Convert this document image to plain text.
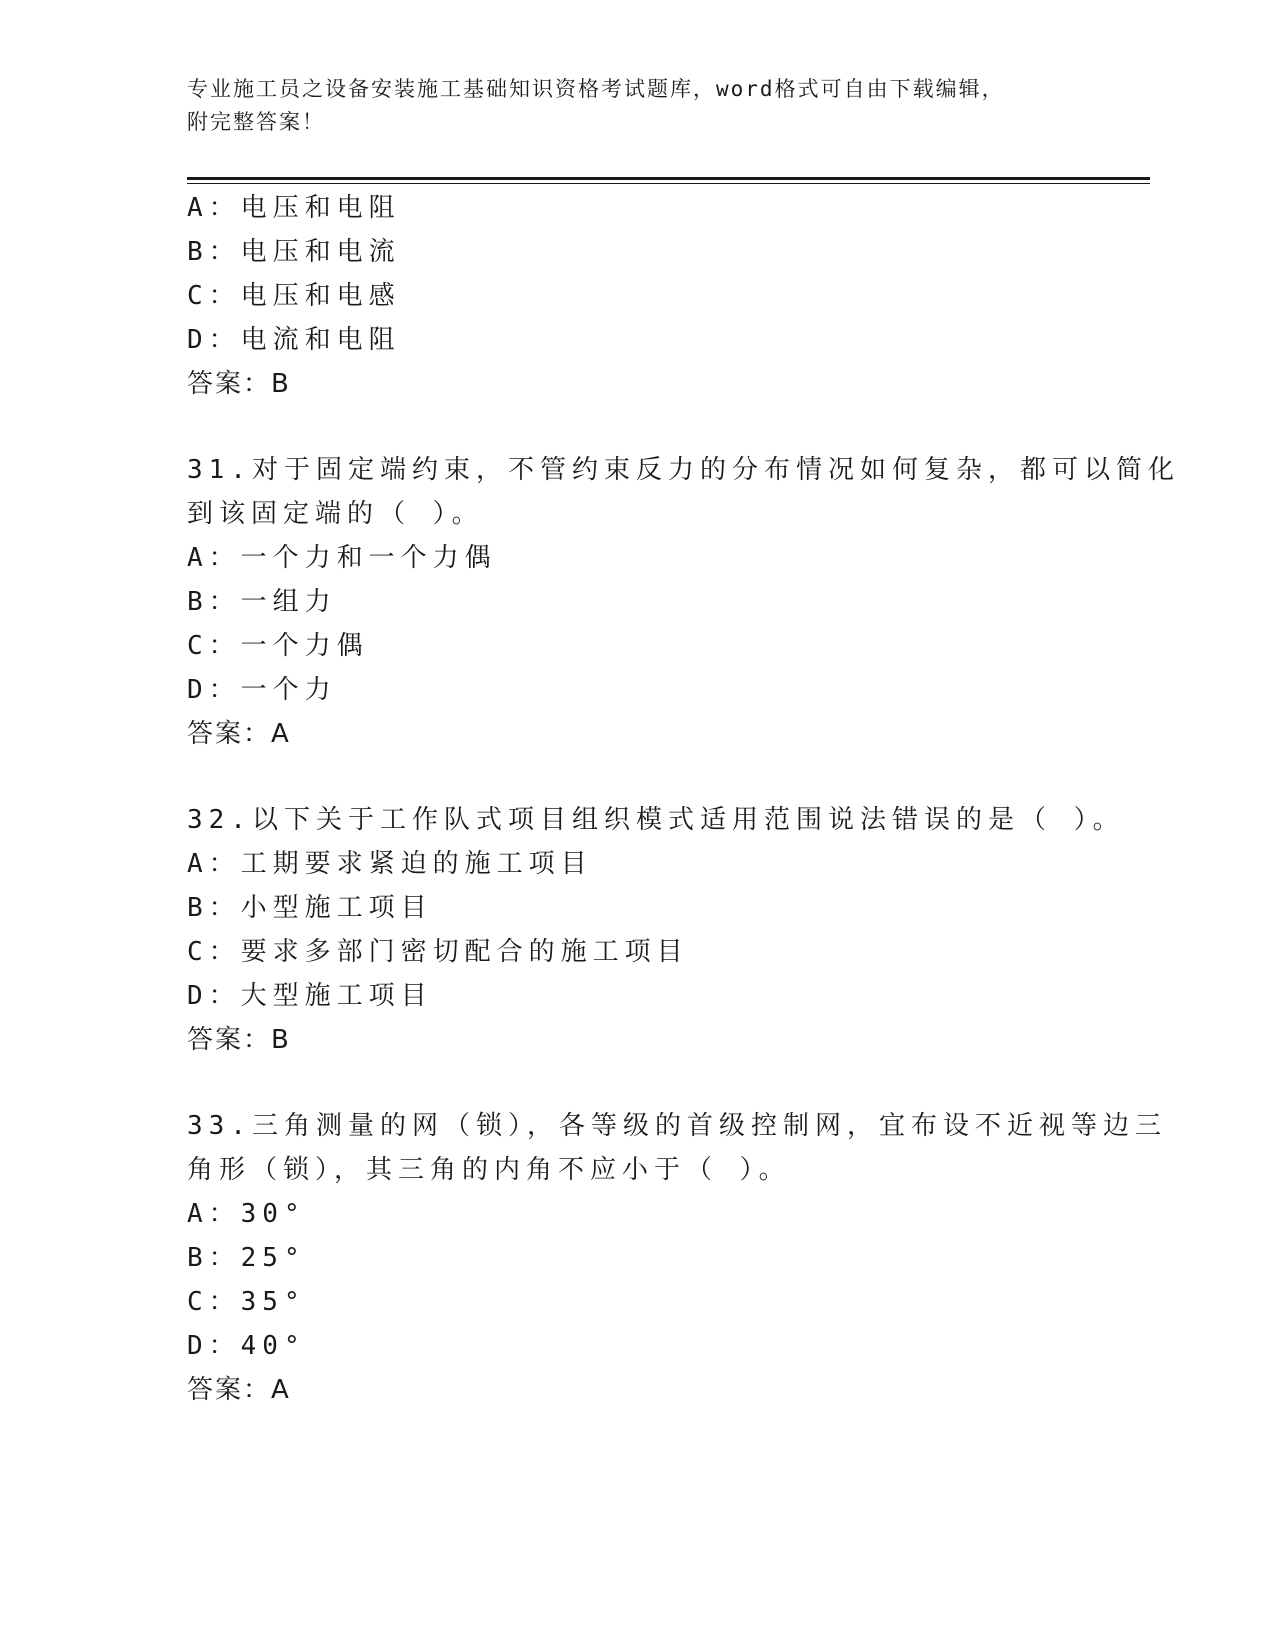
专业施工员之设备安装施工基础知识资格考试题库，word格式可自由下载编辑，
附完整答案！
A：电压和电阻
B：电压和电流
C：电压和电感
D：电流和电阻
答案：B
31.对于固定端约束，不管约束反力的分布情况如何复杂，都可以简化
到该固定端的（ ）。
A：一个力和一个力偶
B：一组力
C：一个力偶
D：一个力
答案：A
32.以下关于工作队式项目组织模式适用范围说法错误的是（ ）。
A：工期要求紧迫的施工项目
B：小型施工项目
C：要求多部门密切配合的施工项目
D：大型施工项目
答案：B
33.三角测量的网（锁），各等级的首级控制网，宜布设不近视等边三
角形（锁），其三角的内角不应小于（ ）。
A：30°
B：25°
C：35°
D：40°
答案：A
